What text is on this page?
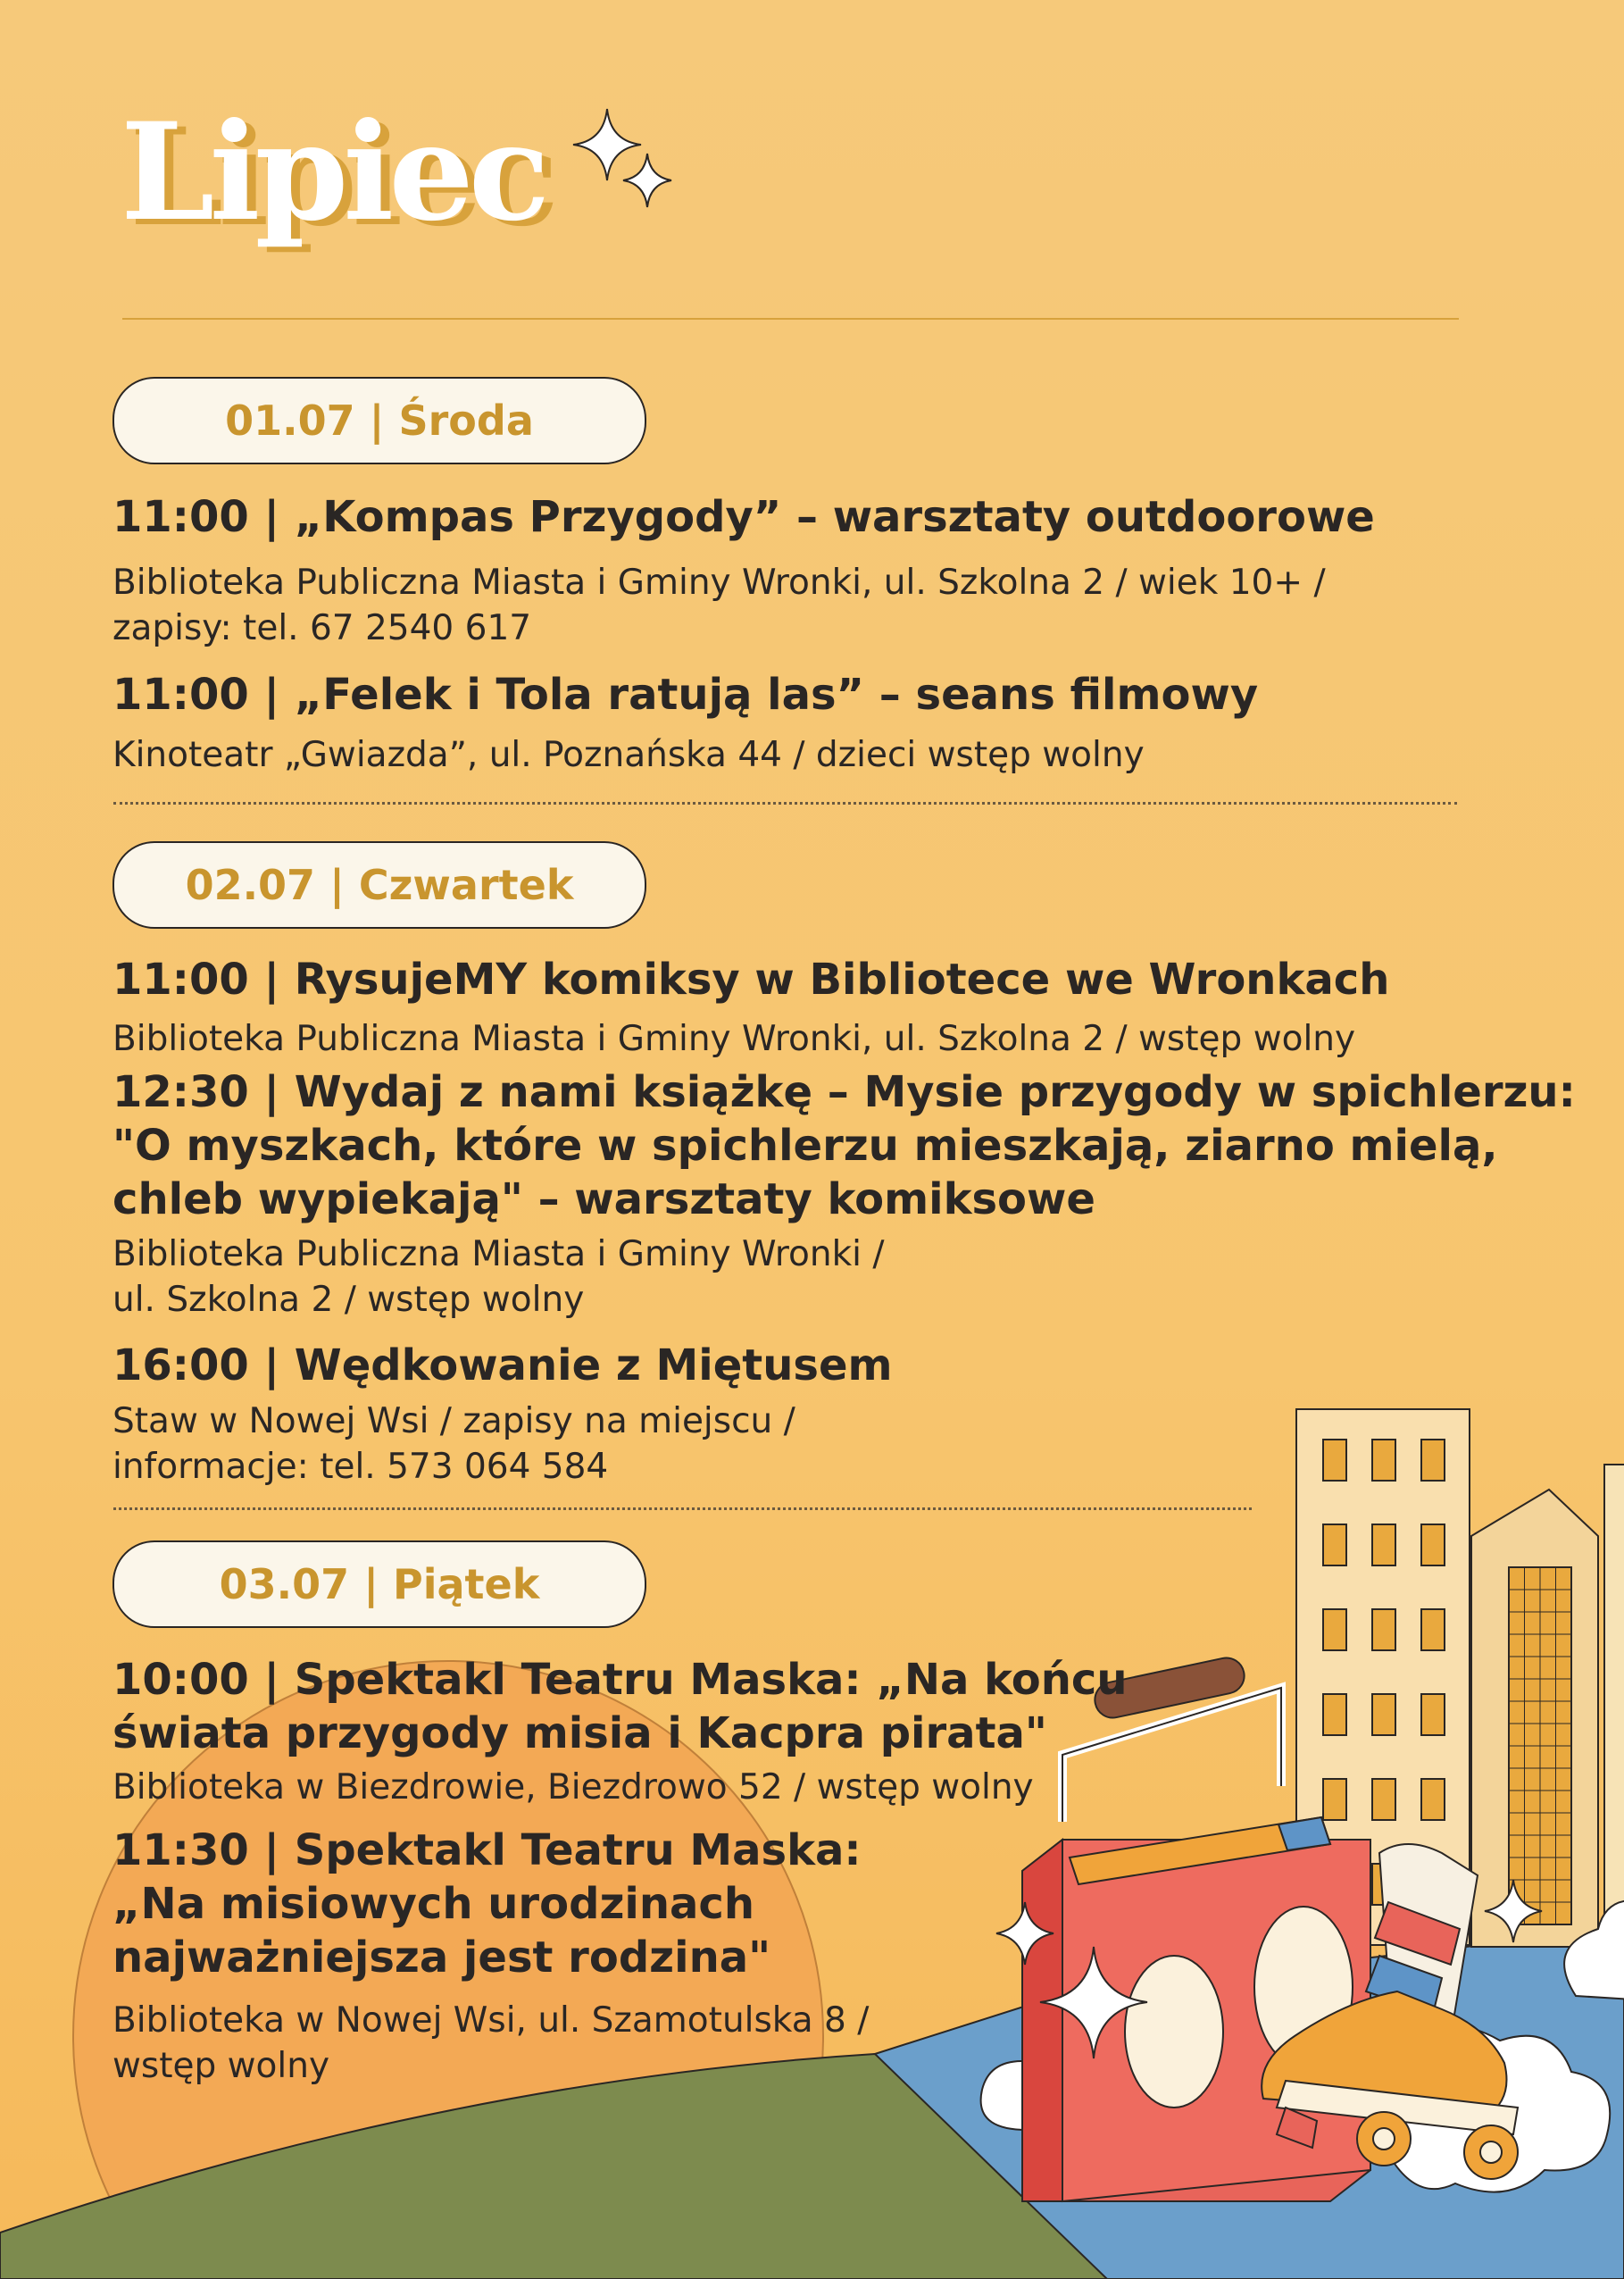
Lipiec
01.07 | Środa
11:00 | „Kompas Przygody” – warsztaty outdoorowe
Biblioteka Publiczna Miasta i Gminy Wronki, ul. Szkolna 2 / wiek 10+ /
zapisy: tel. 67 2540 617
11:00 | „Felek i Tola ratują las” – seans filmowy
Kinoteatr „Gwiazda”, ul. Poznańska 44 / dzieci wstęp wolny
02.07 | Czwartek
11:00 | RysujeMY komiksy w Bibliotece we Wronkach
Biblioteka Publiczna Miasta i Gminy Wronki, ul. Szkolna 2 / wstęp wolny
12:30 | Wydaj z nami książkę – Mysie przygody w spichlerzu:
"O myszkach, które w spichlerzu mieszkają, ziarno mielą,
chleb wypiekają" – warsztaty komiksowe
Biblioteka Publiczna Miasta i Gminy Wronki /
ul. Szkolna 2 / wstęp wolny
16:00 | Wędkowanie z Miętusem
Staw w Nowej Wsi / zapisy na miejscu /
informacje: tel. 573 064 584
03.07 | Piątek
10:00 | Spektakl Teatru Maska: „Na końcu
świata przygody misia i Kacpra pirata"
Biblioteka w Biezdrowie, Biezdrowo 52 / wstęp wolny
11:30 | Spektakl Teatru Maska:
„Na misiowych urodzinach
najważniejsza jest rodzina"
Biblioteka w Nowej Wsi, ul. Szamotulska 8 /
wstęp wolny
